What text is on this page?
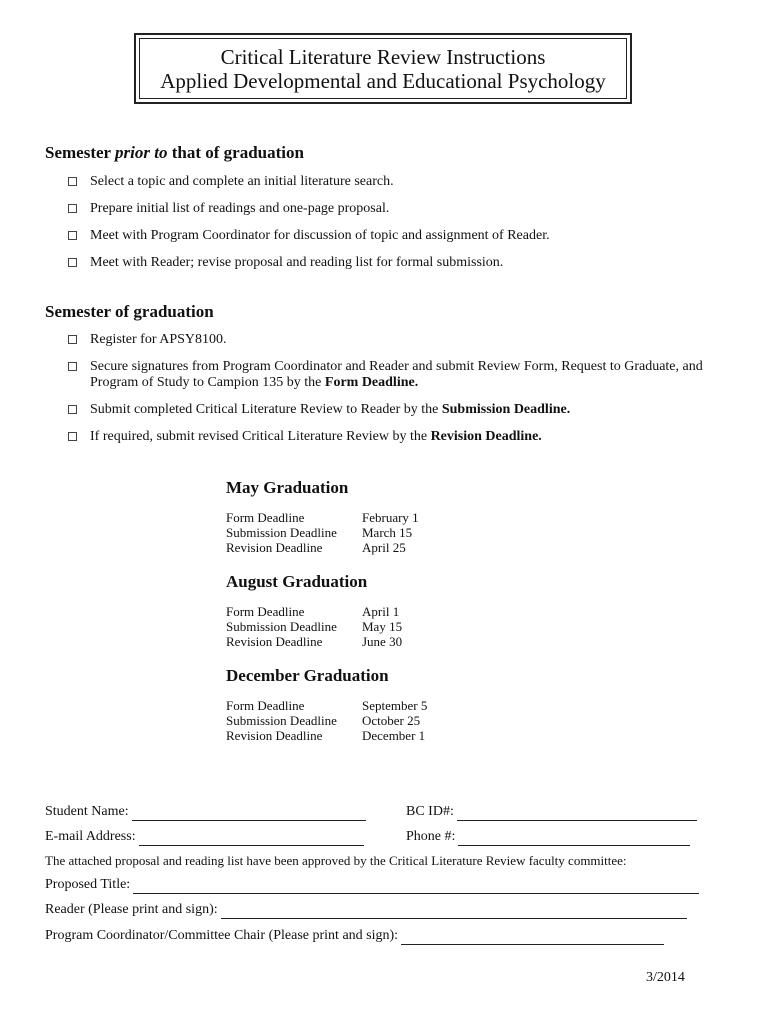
Critical Literature Review Instructions
Applied Developmental and Educational Psychology
Semester prior to that of graduation
Select a topic and complete an initial literature search.
Prepare initial list of readings and one-page proposal.
Meet with Program Coordinator for discussion of topic and assignment of Reader.
Meet with Reader; revise proposal and reading list for formal submission.
Semester of graduation
Register for APSY8100.
Secure signatures from Program Coordinator and Reader and submit Review Form, Request to Graduate, and Program of Study to Campion 135 by the Form Deadline.
Submit completed Critical Literature Review to Reader by the Submission Deadline.
If required, submit revised Critical Literature Review by the Revision Deadline.
May Graduation
Form Deadline	February 1
Submission Deadline	March 15
Revision Deadline	April 25
August Graduation
Form Deadline	April 1
Submission Deadline	May 15
Revision Deadline	June 30
December Graduation
Form Deadline	September 5
Submission Deadline	October 25
Revision Deadline	December 1
Student Name:	BC ID#:
E-mail Address:	Phone #:
The attached proposal and reading list have been approved by the Critical Literature Review faculty committee:
Proposed Title:
Reader (Please print and sign):
Program Coordinator/Committee Chair (Please print and sign):
3/2014
